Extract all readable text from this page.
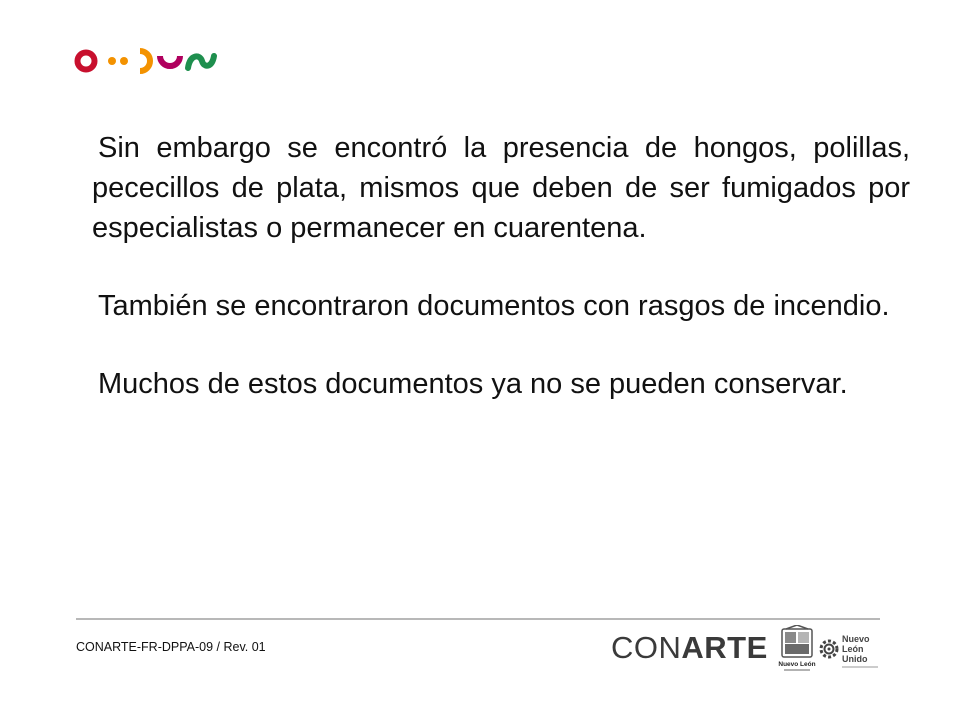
Sin embargo se encontró la presencia de hongos, polillas, pececillos de plata, mismos que deben de ser fumigados por especialistas o permanecer en cuarentena.

También se encontraron documentos con rasgos de incendio.

Muchos de estos documentos ya no se pueden conservar.

CONARTE-FR-DPPA-09 / Rev. 01	CONARTE Nuevo León
Nuevo
León
Unido
